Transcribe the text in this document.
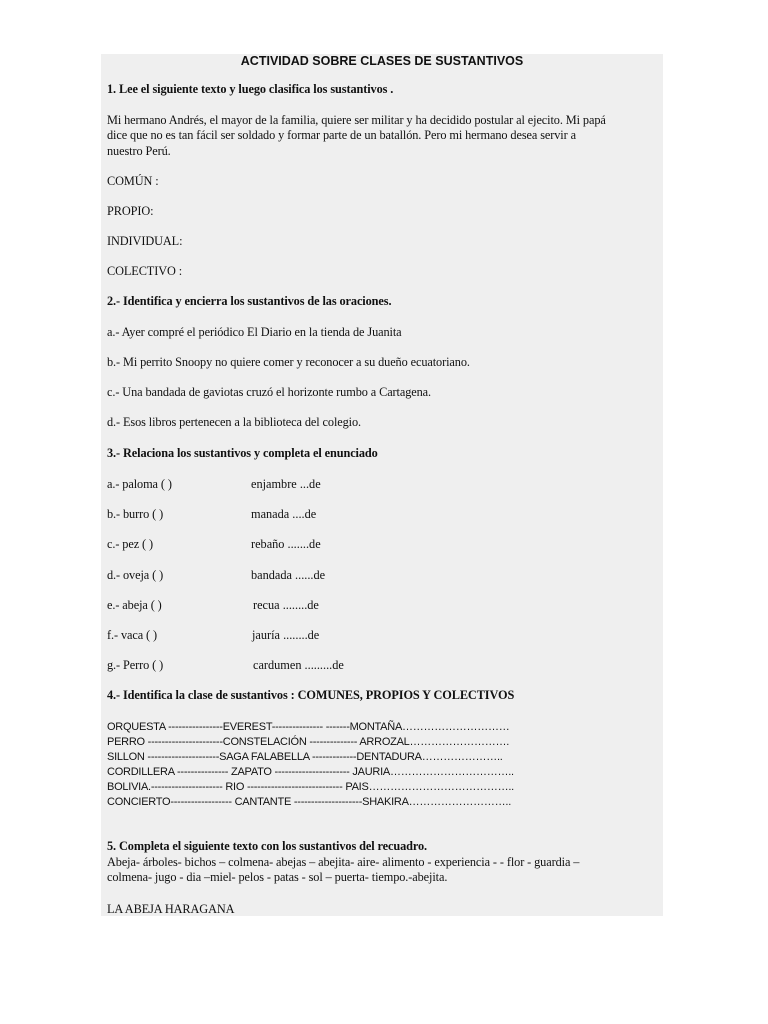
ACTIVIDAD SOBRE CLASES DE SUSTANTIVOS
1. Lee el siguiente texto y luego clasifica los sustantivos .
Mi hermano Andrés, el mayor de la familia, quiere ser militar y ha decidido postular al ejecito. Mi papá
dice que no es tan fácil ser soldado y formar parte de un batallón. Pero mi hermano desea servir a
nuestro Perú.
COMÚN :
PROPIO:
INDIVIDUAL:
COLECTIVO :
2.- Identifica y encierra los sustantivos de las oraciones.
a.- Ayer compré el periódico El Diario en la tienda de Juanita
b.- Mi perrito Snoopy no quiere comer y reconocer a su dueño ecuatoriano.
c.- Una bandada de gaviotas cruzó el horizonte rumbo a Cartagena.
d.- Esos libros pertenecen a la biblioteca del colegio.
3.- Relaciona los sustantivos y completa el enunciado
a.- paloma ( )
b.- burro ( )
c.- pez ( )
d.- oveja ( )
e.- abeja ( )
f.- vaca ( )
g.- Perro ( )
enjambre ...de
manada ....de
rebaño .......de
bandada ......de
recua ........de
jauría ........de
cardumen .........de
4.- Identifica la clase de sustantivos : COMUNES, PROPIOS Y COLECTIVOS
ORQUESTA ----------------EVEREST--------------- -------MONTAÑA…………………………
PERRO ----------------------CONSTELACIÓN -------------- ARROZAL……………………….
SILLON ---------------------SAGA FALABELLA -------------DENTADURA…………………..
CORDILLERA --------------- ZAPATO ---------------------- JAURIA……………………………..
BOLIVIA.--------------------- RIO ---------------------------- PAIS…………………………………..
CONCIERTO------------------ CANTANTE --------------------SHAKIRA………………………..
5. Completa el siguiente texto con los sustantivos del recuadro.
Abeja- árboles- bichos – colmena- abejas – abejita- aire- alimento - experiencia - - flor - guardia –
colmena- jugo - dia –miel- pelos - patas - sol – puerta- tiempo.-abejita.
LA ABEJA HARAGANA
